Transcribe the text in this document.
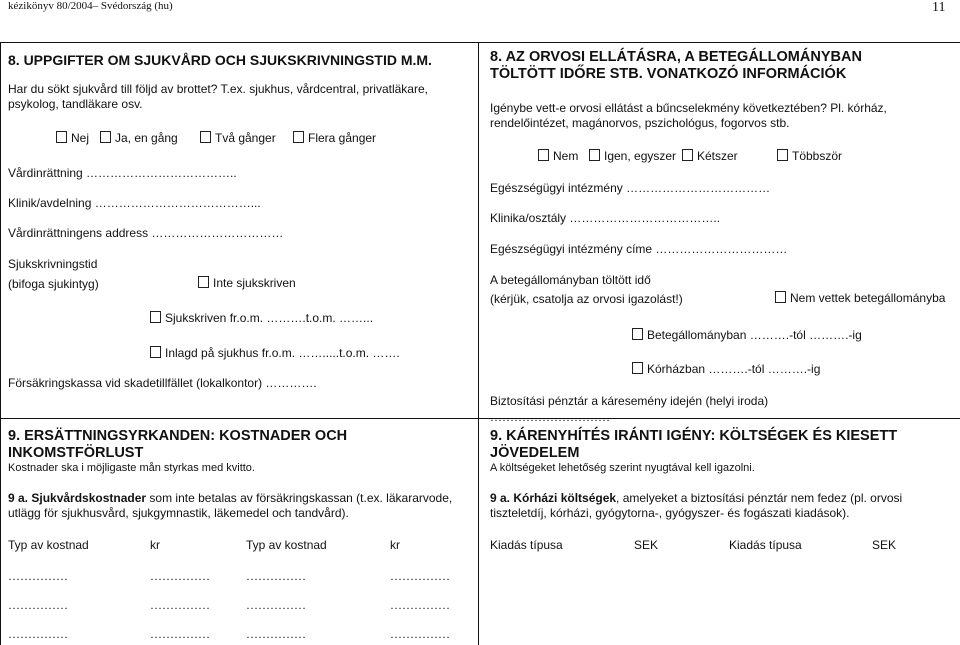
kézikönyv 80/2004– Svédország (hu)	11
8. UPPGIFTER OM SJUKVÅRD OCH SJUKSKRIVNINGSTID M.M.
Har du sökt sjukvård till följd av brottet? T.ex. sjukhus, vårdcentral, privatläkare,
psykolog, tandläkare osv.
Nej	Ja, en gång	Två gånger	Flera gånger
Vårdinrättning ………………………………..
Klinik/avdelning …………………………………...
Vårdinrättningens address ……………………………
Sjukskrivningstid
(bifoga sjukintyg)	Inte sjukskriven
Sjukskriven fr.o.m. ……….t.o.m. ……...
Inlagd på sjukhus fr.o.m. …….....t.o.m. …….
Försäkringskassa vid skadetillfället (lokalkontor) ………….
9. ERSÄTTNINGSYRKANDEN: KOSTNADER OCH INKOMSTFÖRLUST
Kostnader ska i möjligaste mån styrkas med kvitto.
9 a. Sjukvårdskostnader som inte betalas av försäkringskassan (t.ex. läkararvode,
utlägg för sjukhusvård, sjukgymnastik, läkemedel och tandvård).
Typ av kostnad	kr	Typ av kostnad	kr
……………	……………	……………	……………
……………	……………	……………	……………
……………	……………	……………	……………
8. AZ ORVOSI ELLÁTÁSRA, A BETEGÁLLOMÁNYBAN TÖLTÖTT IDŐRE STB. VONATKOZÓ INFORMÁCIÓK
Igénybe vett-e orvosi ellátást a bűncselekmény következtében? Pl. kórház,
rendelőintézet, magánorvos, pszichológus, fogorvos stb.
Nem	Igen, egyszer	Kétszer	Többször
Egészségügyi intézmény ………………………………
Klinika/osztály ………………………………..
Egészségügyi intézmény címe ……………………………
A betegállományban töltött idő
(kérjük, csatolja az orvosi igazolást!)	Nem vettek betegállományba
Betegállományban ……….-tól ……….-ig
Kórházban ……….-tól ……….-ig
Biztosítási pénztár a káresemény idején (helyi iroda)
…………………………
9. KÁRENYHÍTÉS IRÁNTI IGÉNY: KÖLTSÉGEK ÉS KIESETT JÖVEDELEM
A költségeket lehetőség szerint nyugtával kell igazolni.
9 a. Kórházi költségek, amelyeket a biztosítási pénztár nem fedez (pl. orvosi
tiszteletdíj, kórházi, gyógytorna-, gyógyszer- és fogászati kiadások).
Kiadás típusa	SEK	Kiadás típusa	SEK
